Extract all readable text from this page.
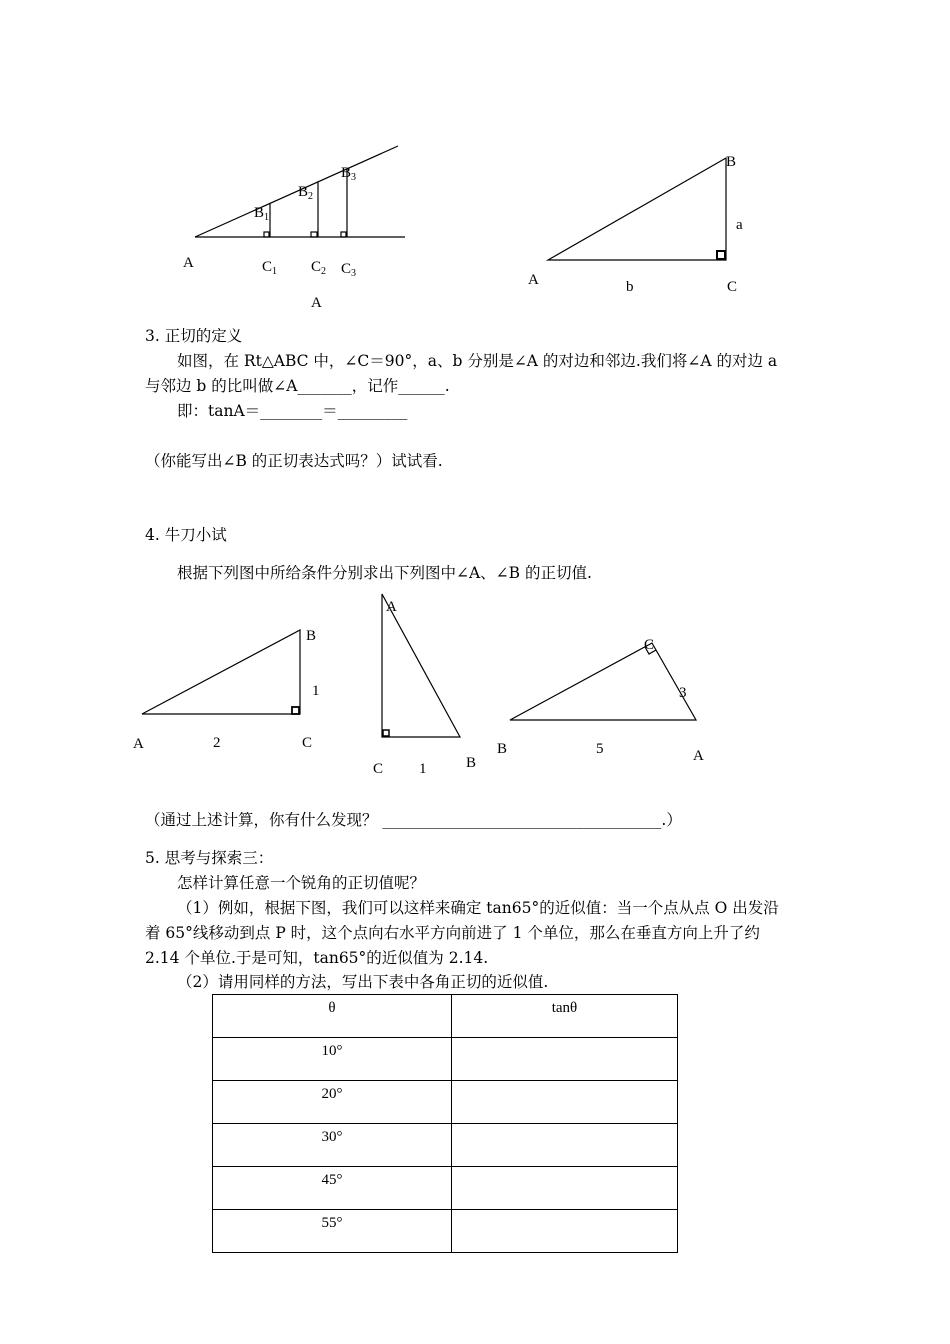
A
$B_1$
$B_2$
$B_3$
$C_1$ $C_2$ $C_3$
A
B
a
A	b	C
3. 正切的定义
如图，在 Rt△ABC 中，∠C＝90°，a、b 分别是∠A 的对边和邻边.我们将∠A 的对边 a
与邻边 b 的比叫做∠A_______，记作______.
即：tanA＝________＝_________
（你能写出∠B 的正切表达式吗？）试试看.
4. 牛刀小试
根据下列图中所给条件分别求出下列图中∠A、∠B 的正切值.
B
1
A	2	C
A
C 1	B
C
3
B	5	A
（通过上述计算，你有什么发现？ ____________________________________.）
5. 思考与探索三：
怎样计算任意一个锐角的正切值呢？
（1）例如，根据下图，我们可以这样来确定 tan65°的近似值：当一个点从点 O 出发沿
着 65°线移动到点 P 时，这个点向右水平方向前进了 1 个单位，那么在垂直方向上升了约
2.14 个单位.于是可知，tan65°的近似值为 2.14.
（2）请用同样的方法，写出下表中各角正切的近似值.
θ	tanθ
10°	
20°	
30°	
45°	
55°	
